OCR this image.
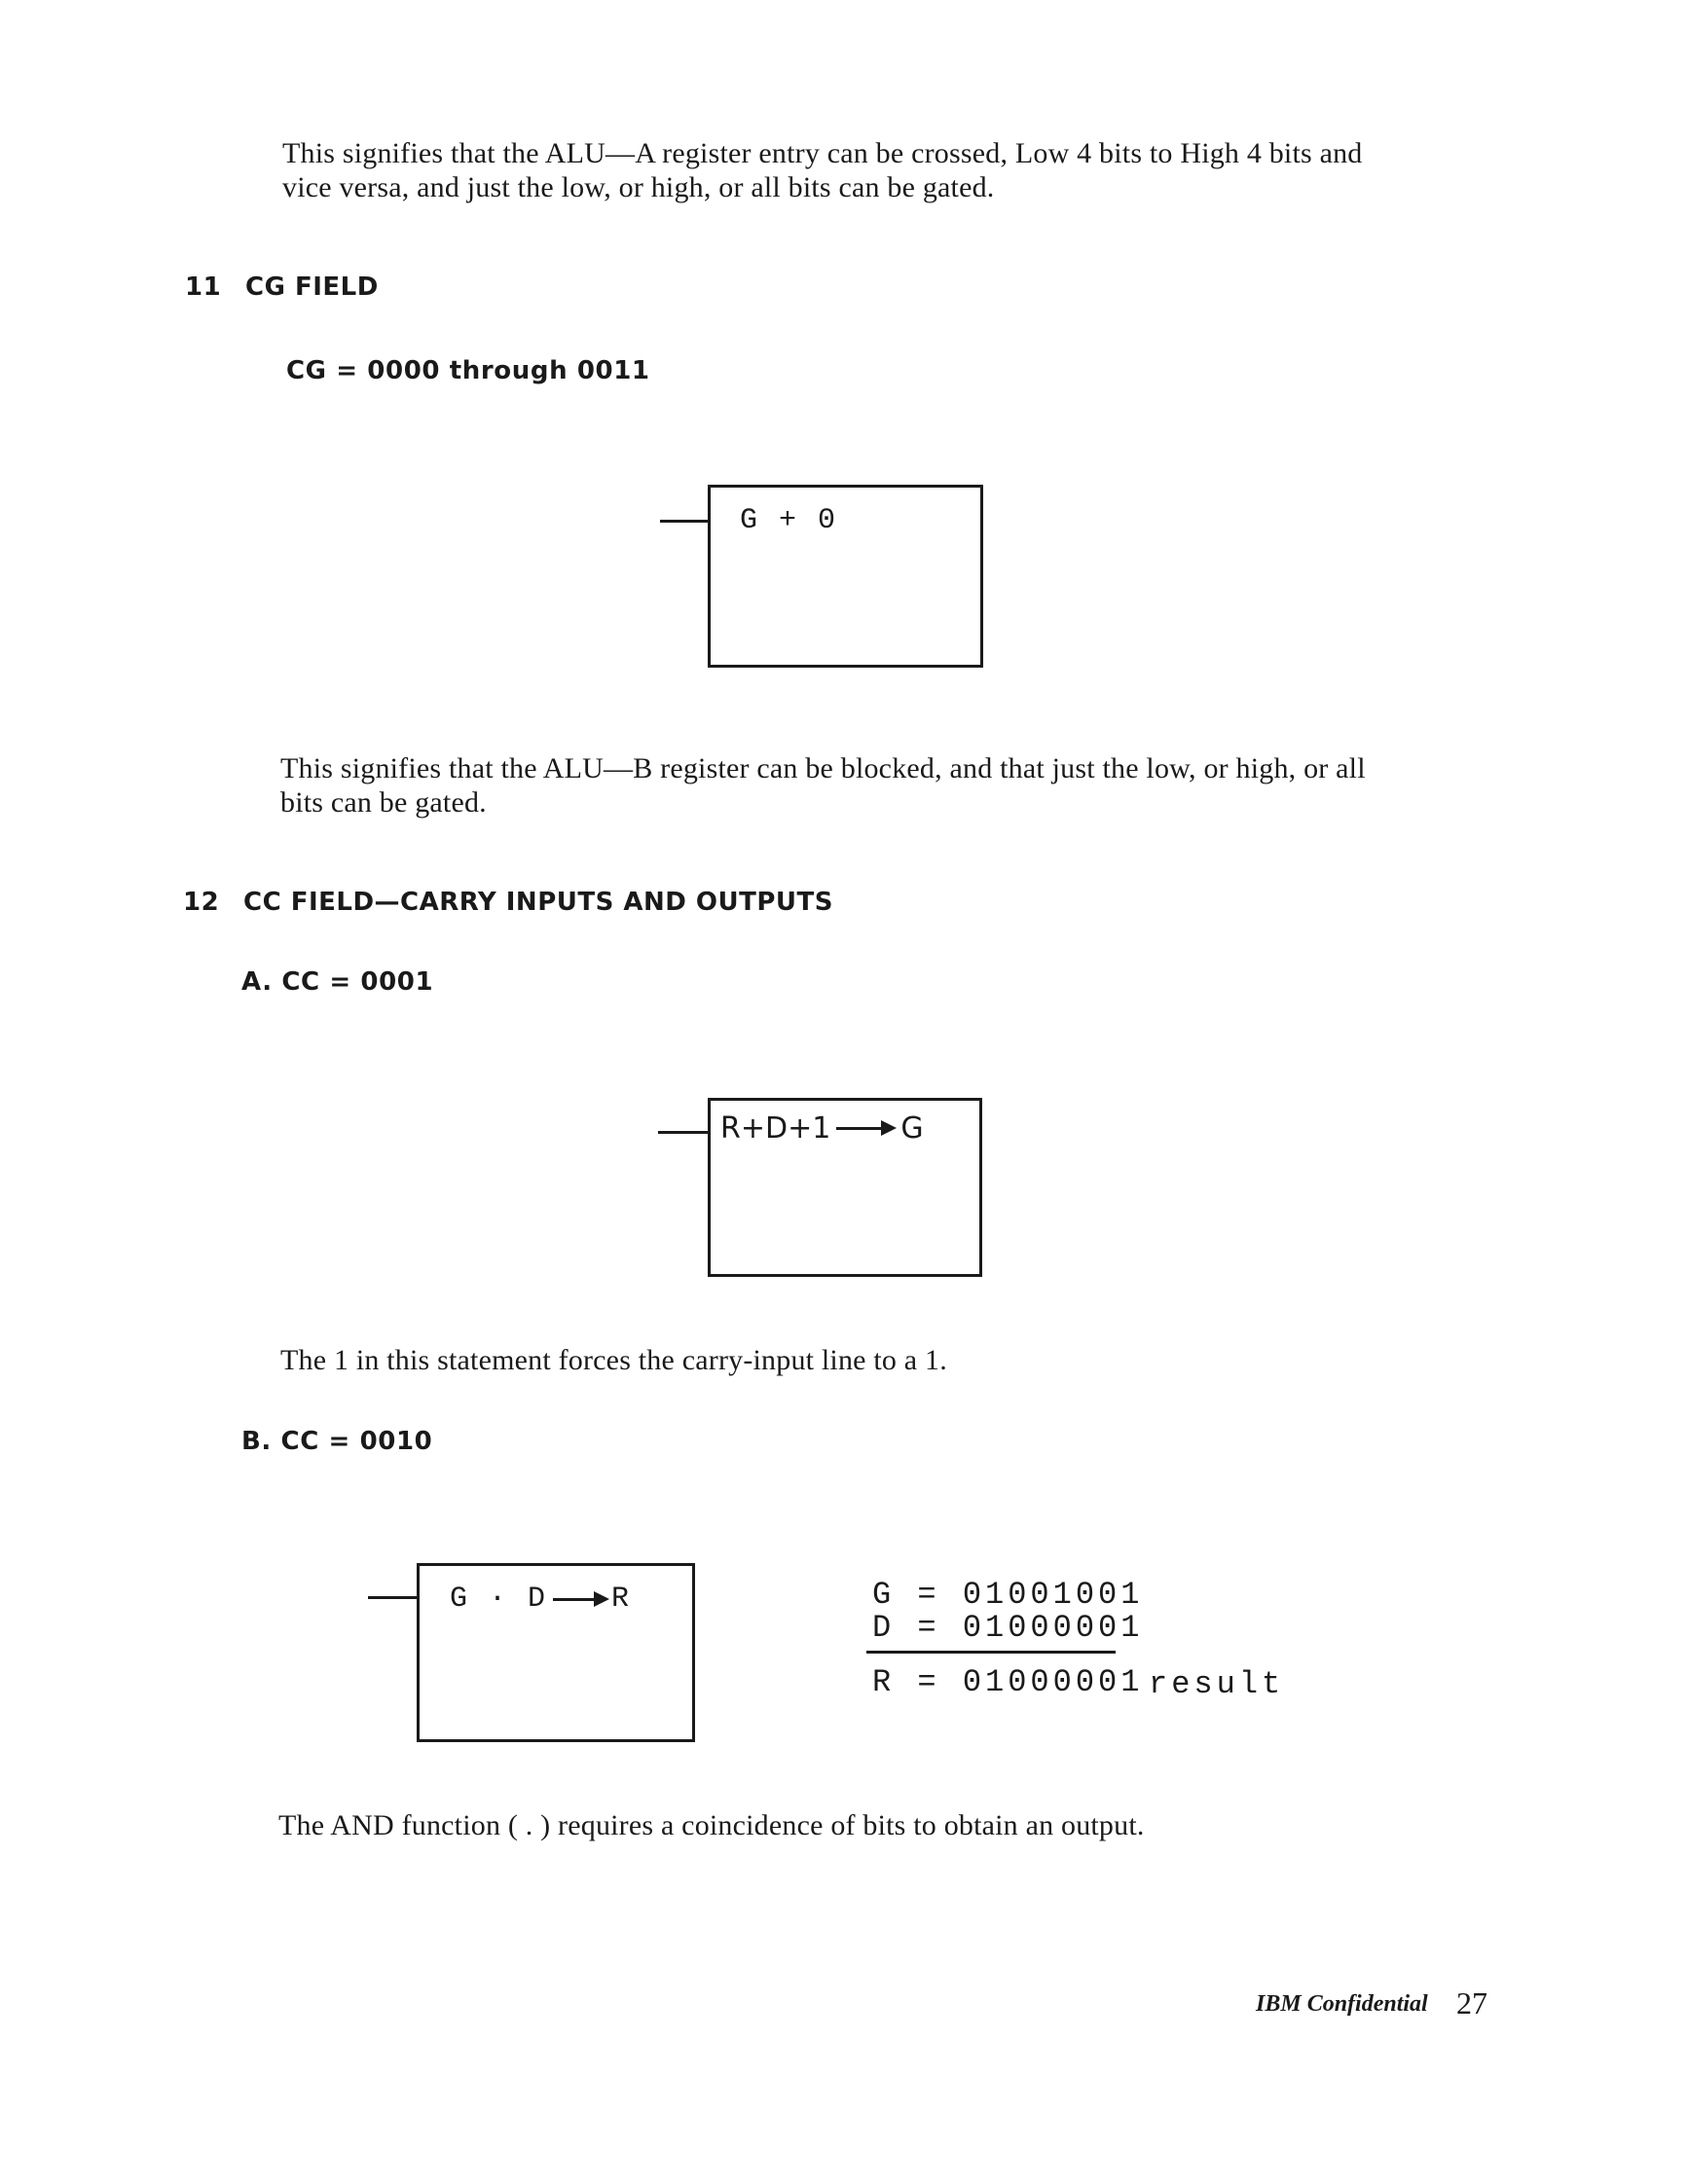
This signifies that the ALU—A register entry can be crossed, Low 4 bits to High 4 bits and
vice versa, and just the low, or high, or all bits can be gated.
11 CG FIELD
CG = 0000 through 0011
G + 0
This signifies that the ALU—B register can be blocked, and that just the low, or high, or all
bits can be gated.
12 CC FIELD—CARRY INPUTS AND OUTPUTS
A. CC = 0001
R+D+1 G
The 1 in this statement forces the carry-input line to a 1.
B. CC = 0010
G · D R	G = 01001001
D = 01000001
R = 01000001 result
The AND function ( . ) requires a coincidence of bits to obtain an output.
IBM Confidential 27
